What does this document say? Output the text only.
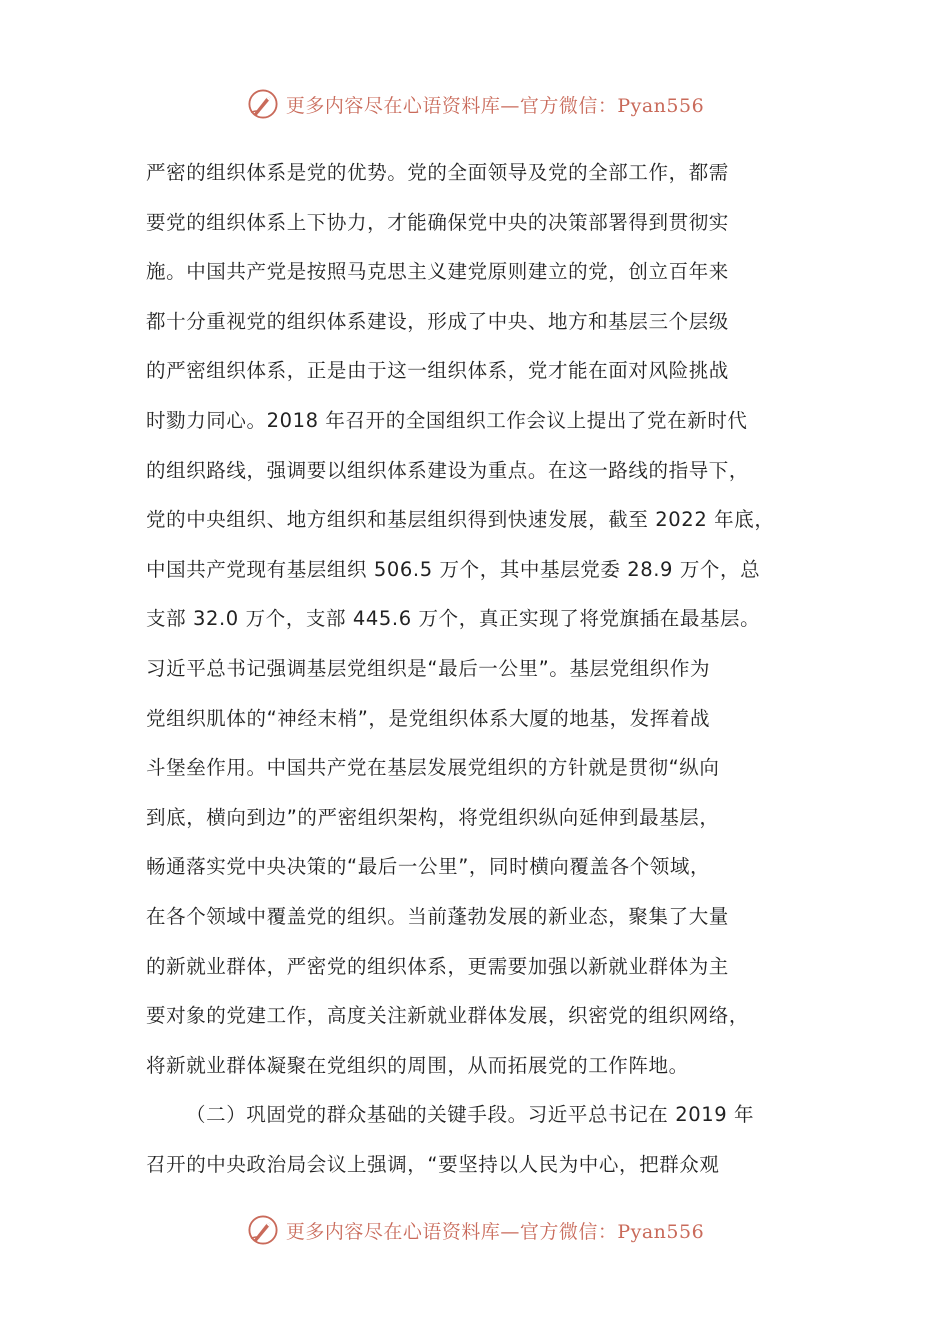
更多内容尽在心语资料库—官方微信：Pyan556
严密的组织体系是党的优势。党的全面领导及党的全部工作，都需
要党的组织体系上下协力，才能确保党中央的决策部署得到贯彻实
施。中国共产党是按照马克思主义建党原则建立的党，创立百年来
都十分重视党的组织体系建设，形成了中央、地方和基层三个层级
的严密组织体系，正是由于这一组织体系，党才能在面对风险挑战
时勠力同心。2018 年召开的全国组织工作会议上提出了党在新时代
的组织路线，强调要以组织体系建设为重点。在这一路线的指导下，
党的中央组织、地方组织和基层组织得到快速发展，截至 2022 年底，
中国共产党现有基层组织 506.5 万个，其中基层党委 28.9 万个，总
支部 32.0 万个，支部 445.6 万个，真正实现了将党旗插在最基层。
习近平总书记强调基层党组织是“最后一公里”。基层党组织作为
党组织肌体的“神经末梢”，是党组织体系大厦的地基，发挥着战
斗堡垒作用。中国共产党在基层发展党组织的方针就是贯彻“纵向
到底，横向到边”的严密组织架构，将党组织纵向延伸到最基层，
畅通落实党中央决策的“最后一公里”，同时横向覆盖各个领域，
在各个领域中覆盖党的组织。当前蓬勃发展的新业态，聚集了大量
的新就业群体，严密党的组织体系，更需要加强以新就业群体为主
要对象的党建工作，高度关注新就业群体发展，织密党的组织网络，
将新就业群体凝聚在党组织的周围，从而拓展党的工作阵地。
（二）巩固党的群众基础的关键手段。习近平总书记在 2019 年
召开的中央政治局会议上强调，“要坚持以人民为中心，把群众观
更多内容尽在心语资料库—官方微信：Pyan556
